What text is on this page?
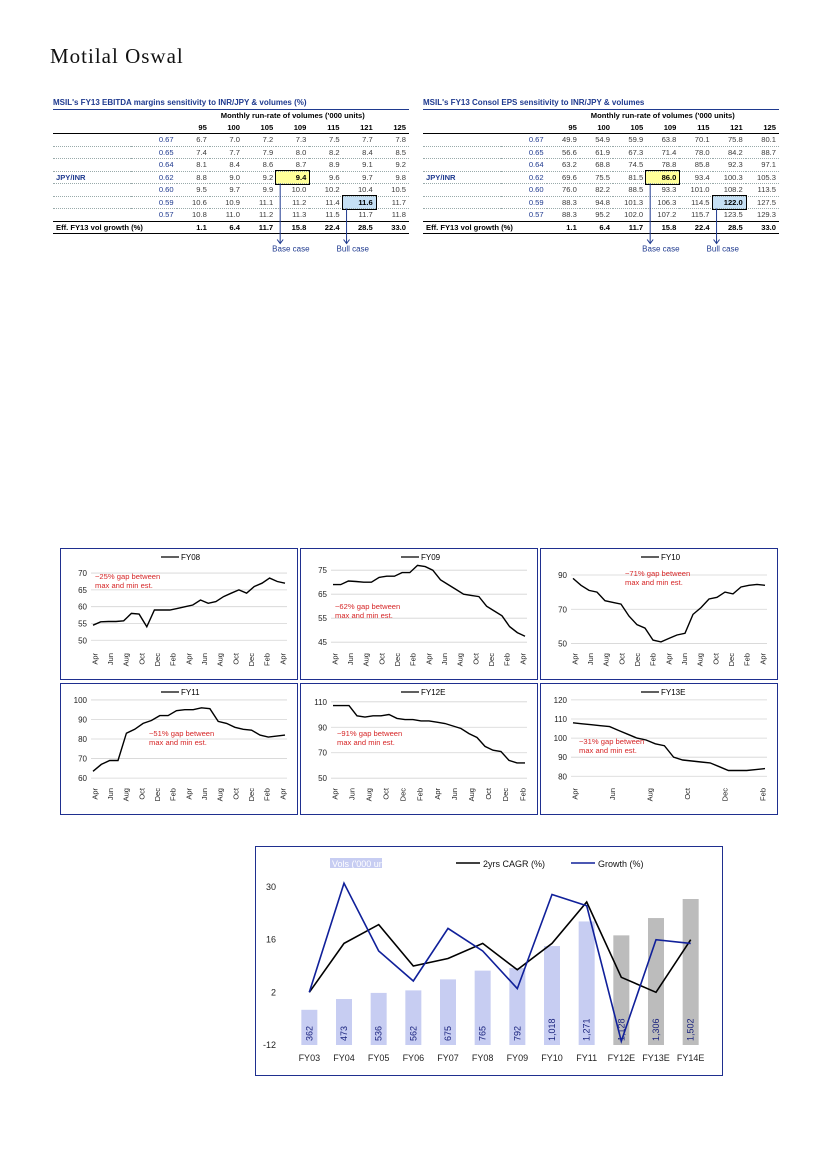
Motilal Oswal
MSIL's FY13 EBITDA margins sensitivity to INR/JPY & volumes (%)
		Monthly run-rate of volumes ('000 units)						
		95	100	105	109	115	121	125
	0.67	6.7	7.0	7.2	7.3	7.5	7.7	7.8
	0.65	7.4	7.7	7.9	8.0	8.2	8.4	8.5
	0.64	8.1	8.4	8.6	8.7	8.9	9.1	9.2
JPY/INR	0.62	8.8	9.0	9.2	9.4	9.6	9.7	9.8
	0.60	9.5	9.7	9.9	10.0	10.2	10.4	10.5
	0.59	10.6	10.9	11.1	11.2	11.4	11.6	11.7
	0.57	10.8	11.0	11.2	11.3	11.5	11.7	11.8
Eff. FY13 vol growth (%)		1.1	6.4	11.7	15.8	22.4	28.5	33.0
Base case	Bull case
MSIL's FY13 Consol EPS sensitivity to INR/JPY & volumes
		Monthly run-rate of volumes ('000 units)						
		95	100	105	109	115	121	125
	0.67	49.9	54.9	59.9	63.8	70.1	75.8	80.1
	0.65	56.6	61.9	67.3	71.4	78.0	84.2	88.7
	0.64	63.2	68.8	74.5	78.8	85.8	92.3	97.1
JPY/INR	0.62	69.6	75.5	81.5	86.0	93.4	100.3	105.3
	0.60	76.0	82.2	88.5	93.3	101.0	108.2	113.5
	0.59	88.3	94.8	101.3	106.3	114.5	122.0	127.5
	0.57	88.3	95.2	102.0	107.2	115.7	123.5	129.3
Eff. FY13 vol growth (%)		1.1	6.4	11.7	15.8	22.4	28.5	33.0
Base case	Bull case
50
55
60
65
70
FY08
Apr Jun Aug Oct Dec Feb Apr Jun Aug Oct Dec Feb Apr
~25% gap between
max and min est.
45
55
65
75
FY09
Apr Jun Aug Oct Dec Feb Apr Jun Aug Oct Dec Feb Apr
~62% gap between
max and min est.
50
70
90
FY10
Apr Jun Aug Oct Dec Feb Apr Jun Aug Oct Dec Feb Apr
~71% gap between
max and min est.
60
70
80
90
100
FY11
Apr Jun Aug Oct Dec Feb Apr Jun Aug Oct Dec Feb Apr
~51% gap between
max and min est.
50
70
90
110
FY12E
Apr Jun Aug Oct Dec Feb Apr Jun Aug Oct Dec Feb
~91% gap between
max and min est.
80
90
100
110
120
FY13E
Apr	Jun	Aug	Oct	Dec	Feb
~31% gap between
max and min est.
-12
2
16
30
362	473	536	562	675	765	792	1,018	1,271	1,128	1,306	1,502
FY03 FY04 FY05 FY06 FY07 FY08 FY09 FY10 FY11 FY12E FY13E FY14E
Vols ('000 units)	2yrs CAGR (%)	Growth (%)
